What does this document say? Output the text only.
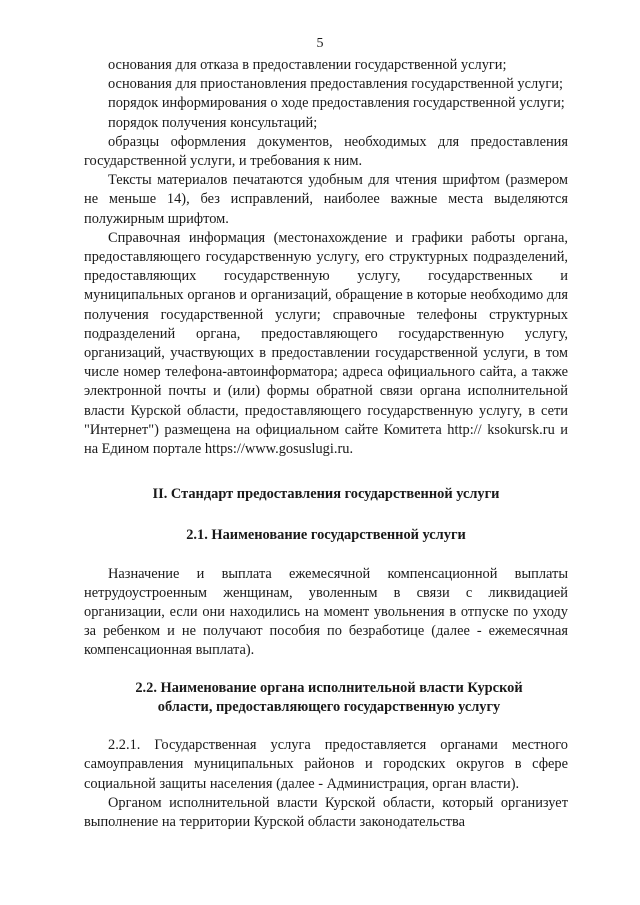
5

основания для отказа в предоставлении государственной услуги;

основания для приостановления предоставления государственной услуги;

порядок информирования о ходе предоставления государственной услуги;

порядок получения консультаций;

образцы оформления документов, необходимых для предоставления государственной услуги, и требования к ним.

Тексты материалов печатаются удобным для чтения шрифтом (размером не меньше 14), без исправлений, наиболее важные места выделяются полужирным шрифтом.

Справочная информация (местонахождение и графики работы органа, предоставляющего государственную услугу, его структурных подразделений, предоставляющих государственную услугу, государственных и муниципальных органов и организаций, обращение в которые необходимо для получения государственной услуги; справочные телефоны структурных подразделений органа, предоставляющего государственную услугу, организаций, участвующих в предоставлении государственной услуги, в том числе номер телефона-автоинформатора; адреса официального сайта, а также электронной почты и (или) формы обратной связи органа исполнительной власти Курской области, предоставляющего государственную услугу, в сети "Интернет") размещена на официальном сайте Комитета http:// ksokursk.ru и на Едином портале https://www.gosuslugi.ru.

II. Стандарт предоставления государственной услуги
2.1. Наименование государственной услуги

Назначение и выплата ежемесячной компенсационной выплаты нетрудоустроенным женщинам, уволенным в связи с ликвидацией организации, если они находились на момент увольнения в отпуске по уходу за ребенком и не получают пособия по безработице (далее - ежемесячная компенсационная выплата).

2.2. Наименование органа исполнительной власти Курской области, предоставляющего государственную услугу

2.2.1. Государственная услуга предоставляется органами местного самоуправления муниципальных районов и городских округов в сфере социальной защиты населения (далее - Администрация, орган власти).

Органом исполнительной власти Курской области, который организует выполнение на территории Курской области законодательства
